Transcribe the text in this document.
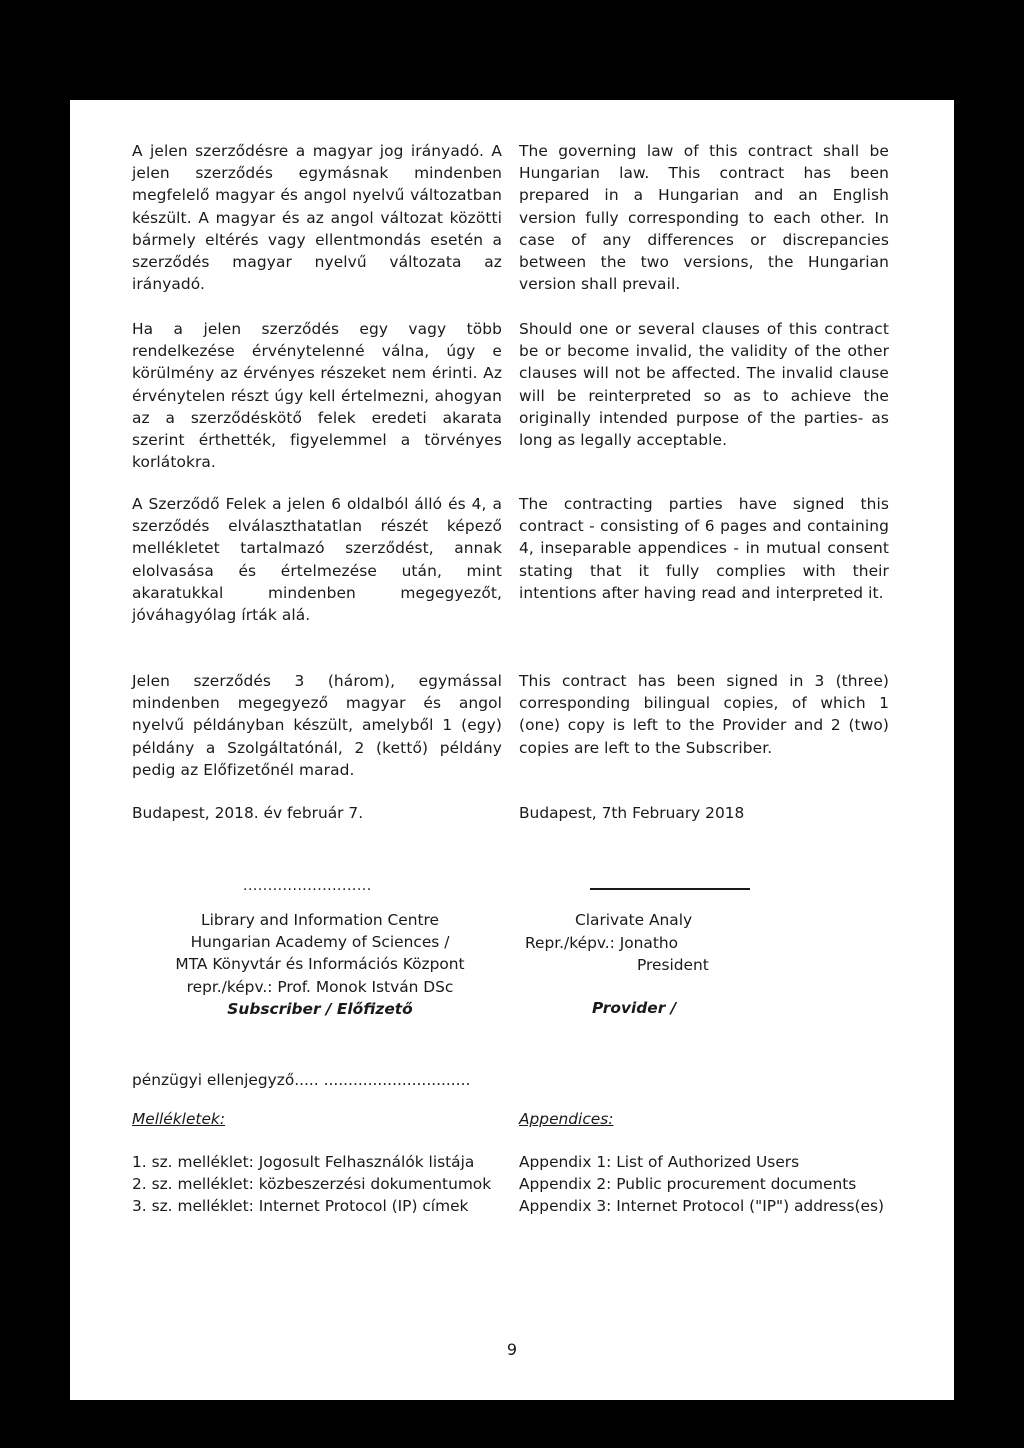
A jelen szerződésre a magyar jog irányadó. A jelen szerződés egymásnak mindenben megfelelő magyar és angol nyelvű változatban készült. A magyar és az angol változat közötti bármely eltérés vagy ellentmondás esetén a szerződés magyar nyelvű változata az irányadó.

The governing law of this contract shall be Hungarian law. This contract has been prepared in a Hungarian and an English version fully corresponding to each other. In case of any differences or discrepancies between the two versions, the Hungarian version shall prevail.

Ha a jelen szerződés egy vagy több rendelkezése érvénytelenné válna, úgy e körülmény az érvényes részeket nem érinti. Az érvénytelen részt úgy kell értelmezni, ahogyan az a szerződéskötő felek eredeti akarata szerint érthették, figyelemmel a törvényes korlátokra.

Should one or several clauses of this contract be or become invalid, the validity of the other clauses will not be affected. The invalid clause will be reinterpreted so as to achieve the originally intended purpose of the parties- as long as legally acceptable.

A Szerződő Felek a jelen 6 oldalból álló és 4, a szerződés elválaszthatatlan részét képező mellékletet tartalmazó szerződést, annak elolvasása és értelmezése után, mint akaratukkal mindenben megegyezőt, jóváhagyólag írták alá.

The contracting parties have signed this contract - consisting of 6 pages and containing 4, inseparable appendices - in mutual consent stating that it fully complies with their intentions after having read and interpreted it.

Jelen szerződés 3 (három), egymással mindenben megegyező magyar és angol nyelvű példányban készült, amelyből 1 (egy) példány a Szolgáltatónál, 2 (kettő) példány pedig az Előfizetőnél marad.

This contract has been signed in 3 (three) corresponding bilingual copies, of which 1 (one) copy is left to the Provider and 2 (two) copies are left to the Subscriber.

Budapest, 2018. év február 7.	Budapest, 7th February 2018
..........................
Library and Information Centre
Hungarian Academy of Sciences /
MTA Könyvtár és Információs Központ
repr./képv.: Prof. Monok István DSc
Subscriber / Előfizető
Clarivate Analy
Repr./képv.: Jonatho
President
Provider /
pénzügyi ellenjegyző..... ..............................
Mellékletek:	Appendices:

1. sz. melléklet: Jogosult Felhasználók listája

2. sz. melléklet: közbeszerzési dokumentumok

3. sz. melléklet: Internet Protocol (IP) címek

Appendix 1: List of Authorized Users

Appendix 2: Public procurement documents

Appendix 3: Internet Protocol ("IP") address(es)

9
